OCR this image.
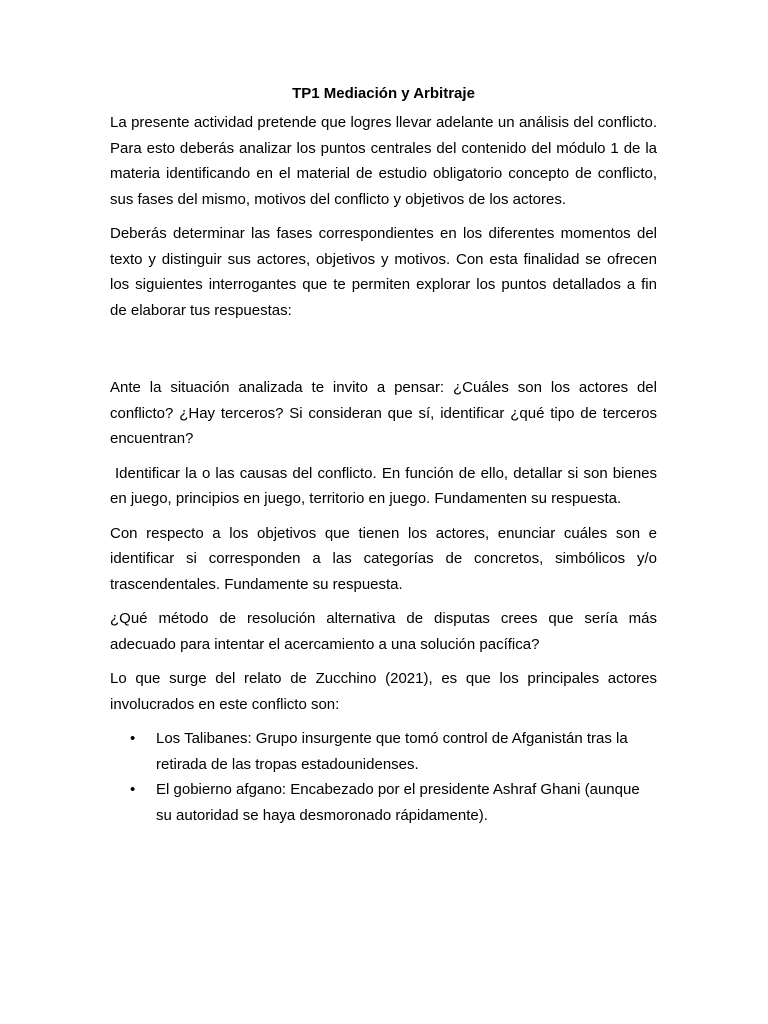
TP1 Mediación y Arbitraje

La presente actividad pretende que logres llevar adelante un análisis del conflicto. Para esto deberás analizar los puntos centrales del contenido del módulo 1 de la materia identificando en el material de estudio obligatorio concepto de conflicto, sus fases del mismo, motivos del conflicto y objetivos de los actores.

Deberás determinar las fases correspondientes en los diferentes momentos del texto y distinguir sus actores, objetivos y motivos. Con esta finalidad se ofrecen los siguientes interrogantes que te permiten explorar los puntos detallados a fin de elaborar tus respuestas:

Ante la situación analizada te invito a pensar: ¿Cuáles son los actores del conflicto? ¿Hay terceros? Si consideran que sí, identificar ¿qué tipo de terceros encuentran?

Identificar la o las causas del conflicto. En función de ello, detallar si son bienes en juego, principios en juego, territorio en juego. Fundamenten su respuesta.

Con respecto a los objetivos que tienen los actores, enunciar cuáles son e identificar si corresponden a las categorías de concretos, simbólicos y/o trascendentales. Fundamente su respuesta.

¿Qué método de resolución alternativa de disputas crees que sería más adecuado para intentar el acercamiento a una solución pacífica?

Lo que surge del relato de Zucchino (2021), es que los principales actores involucrados en este conflicto son:

• Los Talibanes: Grupo insurgente que tomó control de Afganistán tras la retirada de las tropas estadounidenses.
• El gobierno afgano: Encabezado por el presidente Ashraf Ghani (aunque su autoridad se haya desmoronado rápidamente).
